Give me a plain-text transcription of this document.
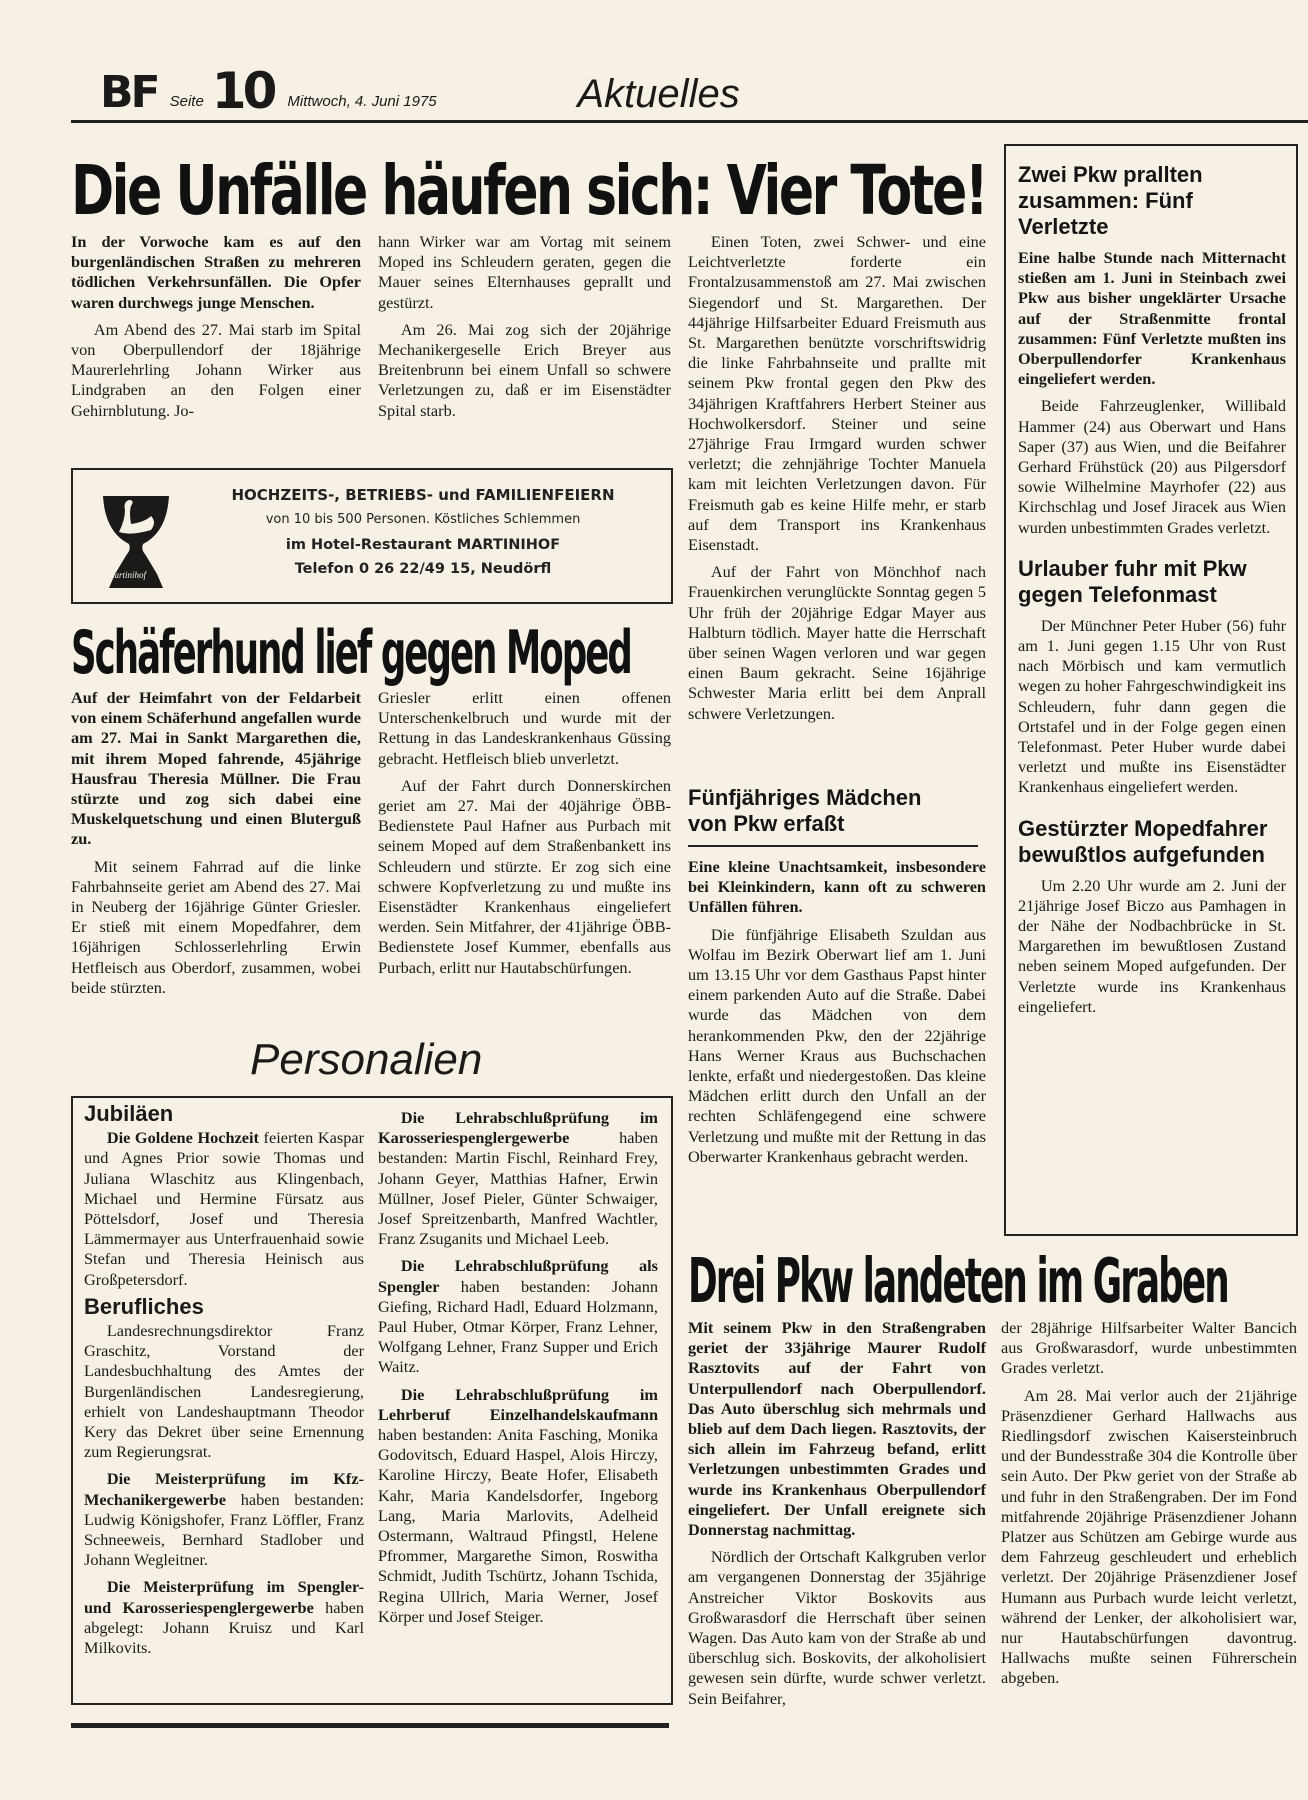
BF Seite 10 Mittwoch, 4. Juni 1975	Aktuelles
Die Unfälle häufen sich: Vier Tote!

In der Vorwoche kam es auf den burgenländischen Straßen zu mehreren tödlichen Verkehrsunfällen. Die Opfer waren durchwegs junge Menschen.

Am Abend des 27. Mai starb im Spital von Oberpullendorf der 18jährige Maurerlehrling Johann Wirker aus Lindgraben an den Folgen einer Gehirnblutung. Jo-

hann Wirker war am Vortag mit seinem Moped ins Schleudern geraten, gegen die Mauer seines Elternhauses geprallt und gestürzt.

Am 26. Mai zog sich der 20jährige Mechanikergeselle Erich Breyer aus Breitenbrunn bei einem Unfall so schwere Verletzungen zu, daß er im Eisenstädter Spital starb.

Einen Toten, zwei Schwer- und eine Leichtverletzte forderte ein Frontalzusammenstoß am 27. Mai zwischen Siegendorf und St. Margarethen. Der 44jährige Hilfsarbeiter Eduard Freismuth aus St. Margarethen benützte vorschriftswidrig die linke Fahrbahnseite und prallte mit seinem Pkw frontal gegen den Pkw des 34jährigen Kraftfahrers Herbert Steiner aus Hochwolkersdorf. Steiner und seine 27jährige Frau Irmgard wurden schwer verletzt; die zehnjährige Tochter Manuela kam mit leichten Verletzungen davon. Für Freismuth gab es keine Hilfe mehr, er starb auf dem Transport ins Krankenhaus Eisenstadt.

Auf der Fahrt von Mönchhof nach Frauenkirchen verunglückte Sonntag gegen 5 Uhr früh der 20jährige Edgar Mayer aus Halbturn tödlich. Mayer hatte die Herrschaft über seinen Wagen verloren und war gegen einen Baum gekracht. Seine 16jährige Schwester Maria erlitt bei dem Anprall schwere Verletzungen.

Martinihof
HOCHZEITS-, BETRIEBS- und FAMILIENFEIERN
von 10 bis 500 Personen. Köstliches Schlemmen
im Hotel-Restaurant MARTINIHOF
Telefon 0 26 22/49 15, Neudörfl
Schäferhund lief gegen Moped

Auf der Heimfahrt von der Feldarbeit von einem Schäferhund angefallen wurde am 27. Mai in Sankt Margarethen die, mit ihrem Moped fahrende, 45jährige Hausfrau Theresia Müllner. Die Frau stürzte und zog sich dabei eine Muskelquetschung und einen Bluterguß zu.

Mit seinem Fahrrad auf die linke Fahrbahnseite geriet am Abend des 27. Mai in Neuberg der 16jährige Günter Griesler. Er stieß mit einem Mopedfahrer, dem 16jährigen Schlosserlehrling Erwin Hetfleisch aus Oberdorf, zusammen, wobei beide stürzten.

Griesler erlitt einen offenen Unterschenkelbruch und wurde mit der Rettung in das Landeskrankenhaus Güssing gebracht. Hetfleisch blieb unverletzt.

Auf der Fahrt durch Donnerskirchen geriet am 27. Mai der 40jährige ÖBB-Bedienstete Paul Hafner aus Purbach mit seinem Moped auf dem Straßenbankett ins Schleudern und stürzte. Er zog sich eine schwere Kopfverletzung zu und mußte ins Eisenstädter Krankenhaus eingeliefert werden. Sein Mitfahrer, der 41jährige ÖBB-Bedienstete Josef Kummer, ebenfalls aus Purbach, erlitt nur Hautabschürfungen.

Personalien
Jubiläen

Die Goldene Hochzeit feierten Kaspar und Agnes Prior sowie Thomas und Juliana Wlaschitz aus Klingenbach, Michael und Hermine Fürsatz aus Pöttelsdorf, Josef und Theresia Lämmermayer aus Unterfrauenhaid sowie Stefan und Theresia Heinisch aus Großpetersdorf.

Berufliches

Landesrechnungsdirektor Franz Graschitz, Vorstand der Landesbuchhaltung des Amtes der Burgenländischen Landesregierung, erhielt von Landeshauptmann Theodor Kery das Dekret über seine Ernennung zum Regierungsrat.

Die Meisterprüfung im Kfz-Mechanikergewerbe haben bestanden: Ludwig Königshofer, Franz Löffler, Franz Schneeweis, Bernhard Stadlober und Johann Wegleitner.

Die Meisterprüfung im Spengler- und Karosseriespenglergewerbe haben abgelegt: Johann Kruisz und Karl Milkovits.

Die Lehrabschlußprüfung im Karosseriespenglergewerbe haben bestanden: Martin Fischl, Reinhard Frey, Johann Geyer, Matthias Hafner, Erwin Müllner, Josef Pieler, Günter Schwaiger, Josef Spreitzenbarth, Manfred Wachtler, Franz Zsuganits und Michael Leeb.

Die Lehrabschlußprüfung als Spengler haben bestanden: Johann Giefing, Richard Hadl, Eduard Holzmann, Paul Huber, Otmar Körper, Franz Lehner, Wolfgang Lehner, Franz Supper und Erich Waitz.

Die Lehrabschlußprüfung im Lehrberuf Einzelhandelskaufmann haben bestanden: Anita Fasching, Monika Godovitsch, Eduard Haspel, Alois Hirczy, Karoline Hirczy, Beate Hofer, Elisabeth Kahr, Maria Kandelsdorfer, Ingeborg Lang, Maria Marlovits, Adelheid Ostermann, Waltraud Pfingstl, Helene Pfrommer, Margarethe Simon, Roswitha Schmidt, Judith Tschürtz, Johann Tschida, Regina Ullrich, Maria Werner, Josef Körper und Josef Steiger.

Fünfjähriges Mädchen von Pkw erfaßt

Eine kleine Unachtsamkeit, insbesondere bei Kleinkindern, kann oft zu schweren Unfällen führen.

Die fünfjährige Elisabeth Szuldan aus Wolfau im Bezirk Oberwart lief am 1. Juni um 13.15 Uhr vor dem Gasthaus Papst hinter einem parkenden Auto auf die Straße. Dabei wurde das Mädchen von dem herankommenden Pkw, den der 22jährige Hans Werner Kraus aus Buchschachen lenkte, erfaßt und niedergestoßen. Das kleine Mädchen erlitt durch den Unfall an der rechten Schläfengegend eine schwere Verletzung und mußte mit der Rettung in das Oberwarter Krankenhaus gebracht werden.

Zwei Pkw prallten zusammen: Fünf Verletzte

Eine halbe Stunde nach Mitternacht stießen am 1. Juni in Steinbach zwei Pkw aus bisher ungeklärter Ursache auf der Straßenmitte frontal zusammen: Fünf Verletzte mußten ins Oberpullendorfer Krankenhaus eingeliefert werden.

Beide Fahrzeuglenker, Willibald Hammer (24) aus Oberwart und Hans Saper (37) aus Wien, und die Beifahrer Gerhard Frühstück (20) aus Pilgersdorf sowie Wilhelmine Mayrhofer (22) aus Kirchschlag und Josef Jiracek aus Wien wurden unbestimmten Grades verletzt.

Urlauber fuhr mit Pkw gegen Telefonmast

Der Münchner Peter Huber (56) fuhr am 1. Juni gegen 1.15 Uhr von Rust nach Mörbisch und kam vermutlich wegen zu hoher Fahrgeschwindigkeit ins Schleudern, fuhr dann gegen die Ortstafel und in der Folge gegen einen Telefonmast. Peter Huber wurde dabei verletzt und mußte ins Eisenstädter Krankenhaus eingeliefert werden.

Gestürzter Mopedfahrer bewußtlos aufgefunden

Um 2.20 Uhr wurde am 2. Juni der 21jährige Josef Biczo aus Pamhagen in der Nähe der Nodbachbrücke in St. Margarethen im bewußtlosen Zustand neben seinem Moped aufgefunden. Der Verletzte wurde ins Krankenhaus eingeliefert.

Drei Pkw landeten im Graben

Mit seinem Pkw in den Straßengraben geriet der 33jährige Maurer Rudolf Rasztovits auf der Fahrt von Unterpullendorf nach Oberpullendorf. Das Auto überschlug sich mehrmals und blieb auf dem Dach liegen. Rasztovits, der sich allein im Fahrzeug befand, erlitt Verletzungen unbestimmten Grades und wurde ins Krankenhaus Oberpullendorf eingeliefert. Der Unfall ereignete sich Donnerstag nachmittag.

Nördlich der Ortschaft Kalkgruben verlor am vergangenen Donnerstag der 35jährige Anstreicher Viktor Boskovits aus Großwarasdorf die Herrschaft über seinen Wagen. Das Auto kam von der Straße ab und überschlug sich. Boskovits, der alkoholisiert gewesen sein dürfte, wurde schwer verletzt. Sein Beifahrer,

der 28jährige Hilfsarbeiter Walter Bancich aus Großwarasdorf, wurde unbestimmten Grades verletzt.

Am 28. Mai verlor auch der 21jährige Präsenzdiener Gerhard Hallwachs aus Riedlingsdorf zwischen Kaisersteinbruch und der Bundesstraße 304 die Kontrolle über sein Auto. Der Pkw geriet von der Straße ab und fuhr in den Straßengraben. Der im Fond mitfahrende 20jährige Präsenzdiener Johann Platzer aus Schützen am Gebirge wurde aus dem Fahrzeug geschleudert und erheblich verletzt. Der 20jährige Präsenzdiener Josef Humann aus Purbach wurde leicht verletzt, während der Lenker, der alkoholisiert war, nur Hautabschürfungen davontrug. Hallwachs mußte seinen Führerschein abgeben.
